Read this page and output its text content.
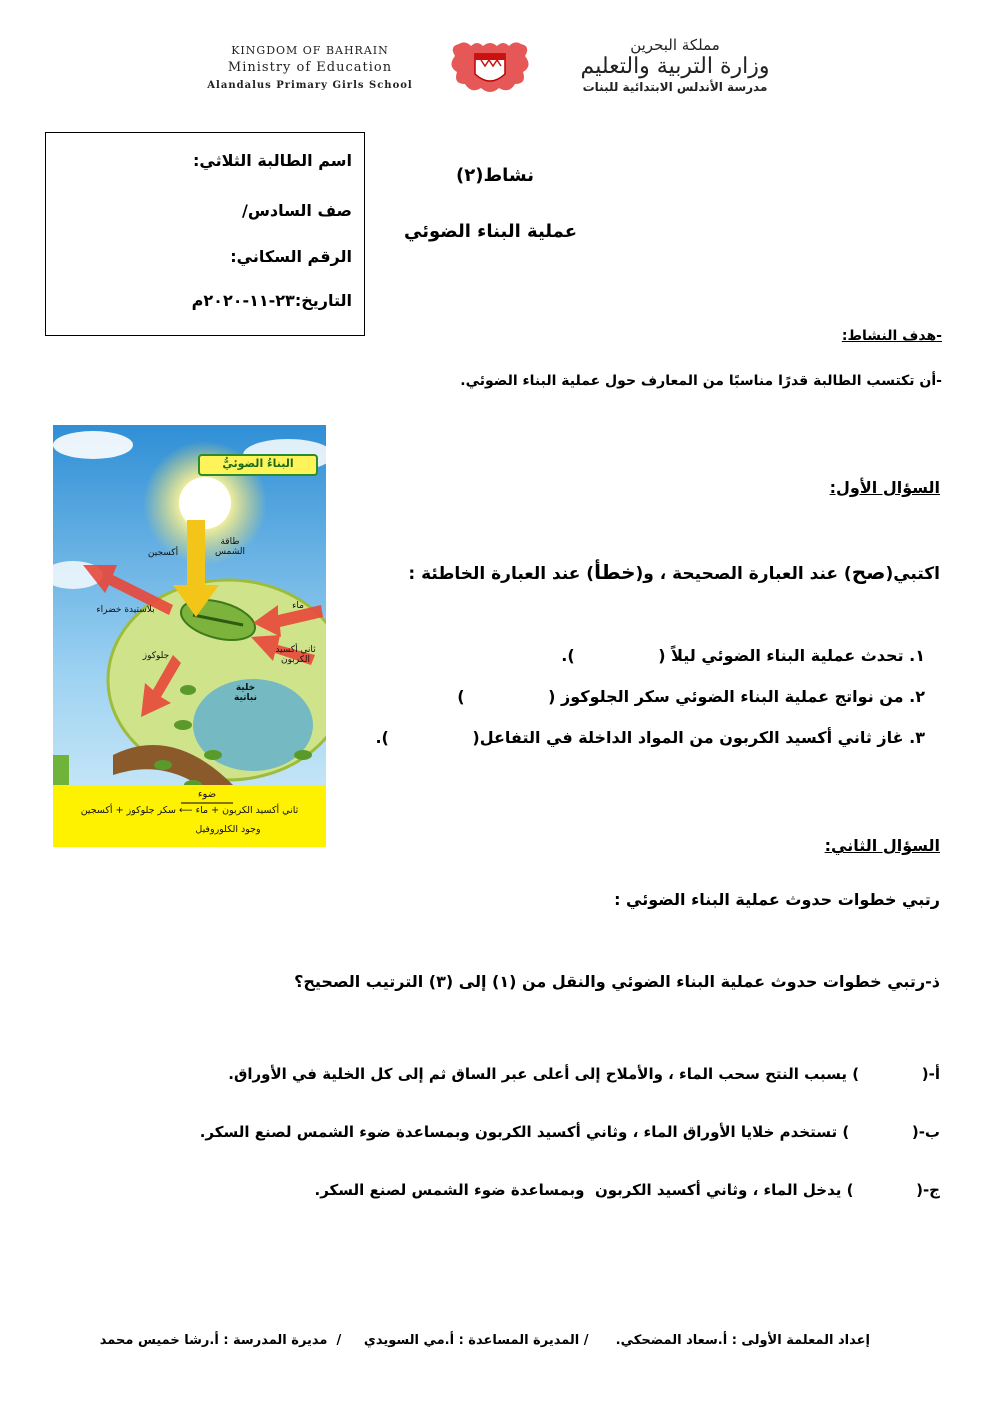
KINGDOM OF BAHRAIN
Ministry of Education
Alandalus Primary Girls School
مملكة البحرين
وزارة التربية والتعليم
مدرسة الأندلس الابتدائية للبنات
اسم الطالبة الثلاثي:
صف السادس/
الرقم السكاني:
التاريخ:٢٣-١١-٢٠٢٠م
نشاط(٢)
عملية البناء الضوئي
-هدف النشاط:
-أن تكتسب الطالبة قدرًا مناسبًا من المعارف حول عملية البناء الضوئي.
البناءُ الضوئيُّ
طاقة الشمس
أكسجين
ماء
بلاستيدة خضراء
ثاني أكسيد الكربون
جلوكوز
خلية نباتية
ضوء
ثاني أكسيد الكربون + ماء ⟵ سكر جلوكوز + أكسجين
وجود الكلوروفيل
السؤال الأول:
اكتبي(صح) عند العبارة الصحيحة ، و(خطأ) عند العبارة الخاطئة :
١. تحدث عملية البناء الضوئي ليلاً (               ).
٢. من نواتج عملية البناء الضوئي سكر الجلوكوز (               )
٣. غاز ثاني أكسيد الكربون من المواد الداخلة في التفاعل(               ).
السؤال الثاني:
رتبي خطوات حدوث عملية البناء الضوئي :
ذ-رتبي خطوات حدوث عملية البناء الضوئي والنقل من (١) إلى (٣) الترتيب الصحيح؟
أ-(            ) يسبب النتح سحب الماء ، والأملاح إلى أعلى عبر الساق ثم إلى كل الخلية في الأوراق.
ب-(            ) تستخدم خلايا الأوراق الماء ، وثاني أكسيد الكربون وبمساعدة ضوء الشمس لصنع السكر.
ج-(            ) يدخل الماء ، وثاني أكسيد الكربون  وبمساعدة ضوء الشمس لصنع السكر.
إعداد المعلمة الأولى : أ.سعاد المضحكي.      / المديرة المساعدة : أ.مي السويدي     /  مديرة المدرسة : أ.رشا خميس محمد
